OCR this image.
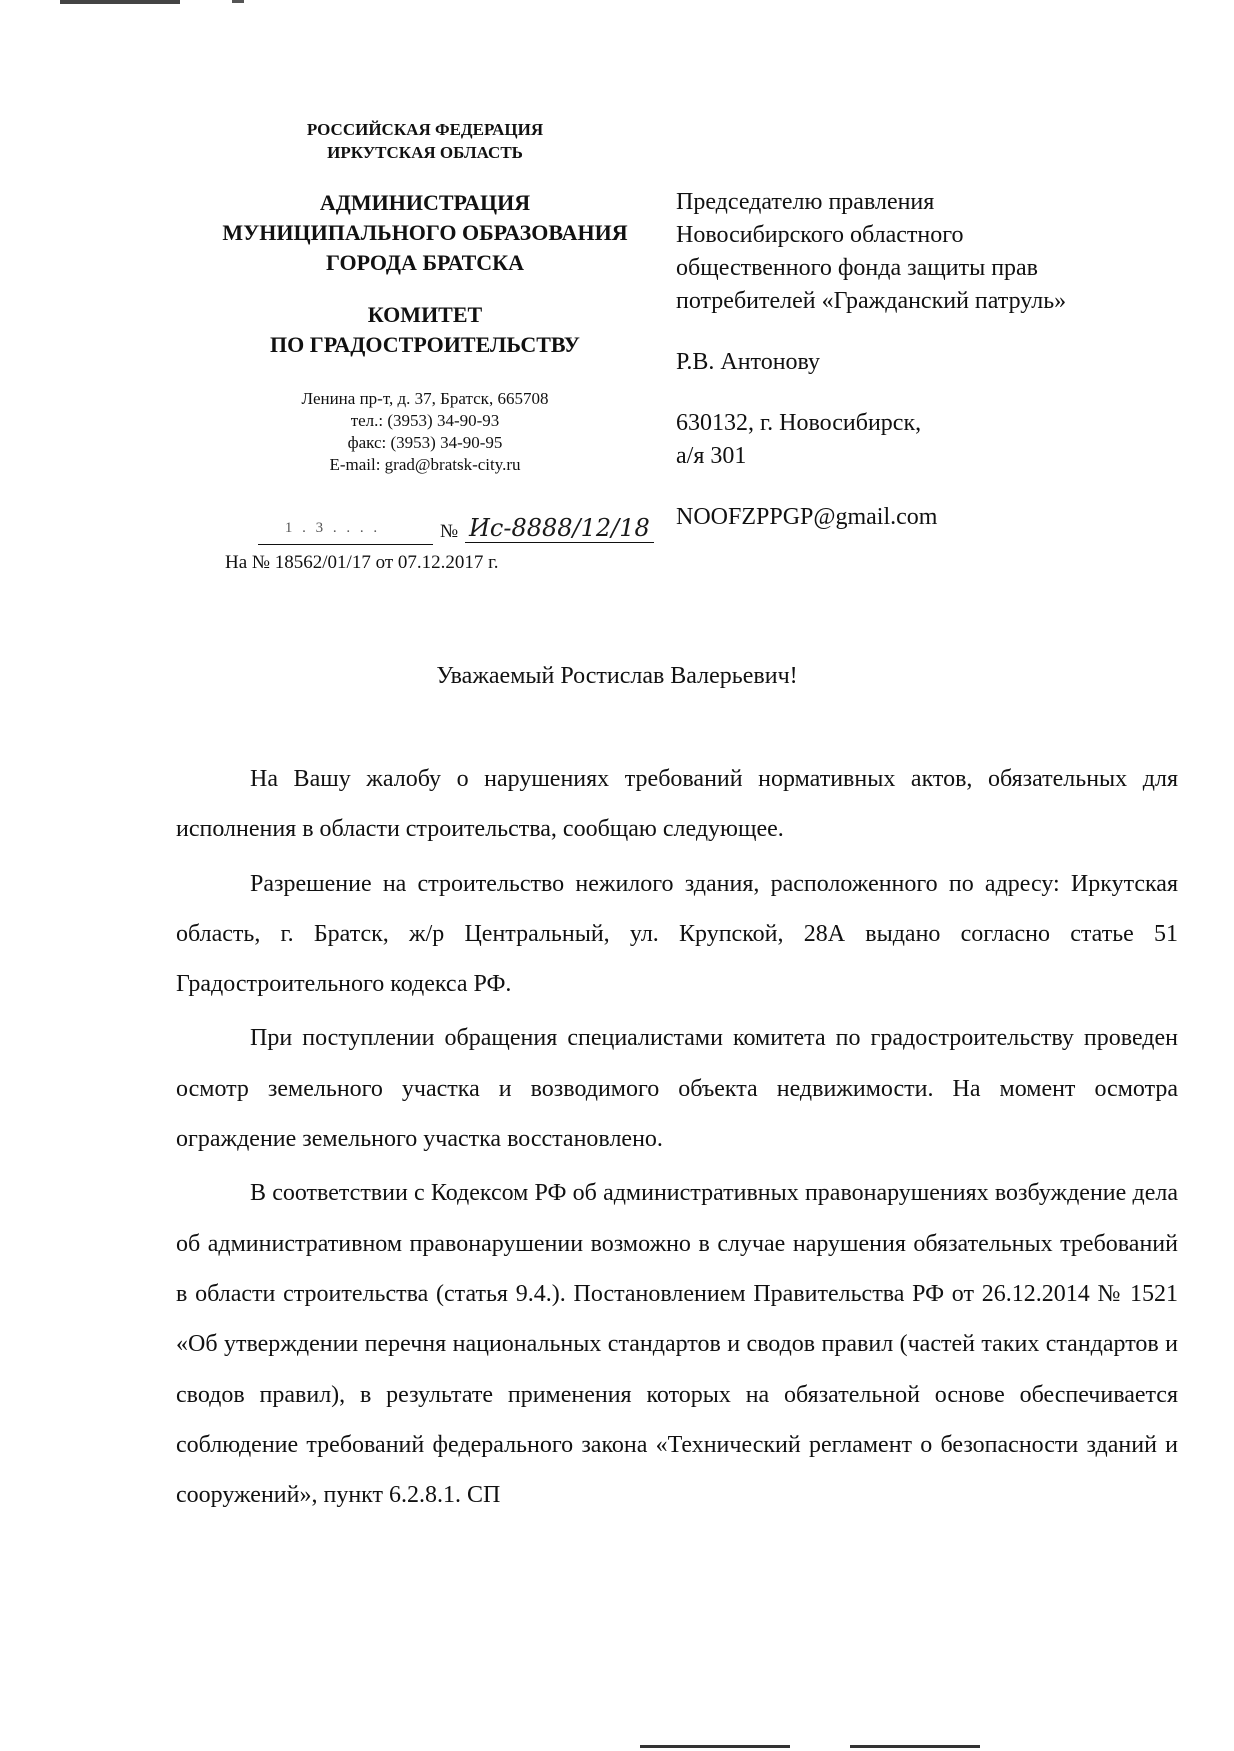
РОССИЙСКАЯ ФЕДЕРАЦИЯ
ИРКУТСКАЯ ОБЛАСТЬ
АДМИНИСТРАЦИЯ
МУНИЦИПАЛЬНОГО ОБРАЗОВАНИЯ
ГОРОДА БРАТСКА
КОМИТЕТ
ПО ГРАДОСТРОИТЕЛЬСТВУ
Ленина пр-т, д. 37, Братск, 665708
тел.: (3953) 34-90-93
факс: (3953) 34-90-95
E-mail: grad@bratsk-city.ru
1 . 3 . . . .	№ Ис-8888/12/18
На № 18562/01/17 от 07.12.2017 г.
Председателю правления
Новосибирского областного
общественного фонда защиты прав
потребителей «Гражданский патруль»
Р.В. Антонову
630132, г. Новосибирск,
а/я 301
NOOFZPPGP@gmail.com
Уважаемый Ростислав Валерьевич!

На Вашу жалобу о нарушениях требований нормативных актов, обязательных для исполнения в области строительства, сообщаю следующее.

Разрешение на строительство нежилого здания, расположенного по адресу: Иркутская область, г. Братск, ж/р Центральный, ул. Крупской, 28А выдано согласно статье 51 Градостроительного кодекса РФ.

При поступлении обращения специалистами комитета по градостроительству проведен осмотр земельного участка и возводимого объекта недвижимости. На момент осмотра ограждение земельного участка восстановлено.

В соответствии с Кодексом РФ об административных правонарушениях возбуждение дела об административном правонарушении возможно в случае нарушения обязательных требований в области строительства (статья 9.4.). Постановлением Правительства РФ от 26.12.2014 № 1521 «Об утверждении перечня национальных стандартов и сводов правил (частей таких стандартов и сводов правил), в результате применения которых на обязательной основе обеспечивается соблюдение требований федерального закона «Технический регламент о безопасности зданий и сооружений», пункт 6.2.8.1. СП
